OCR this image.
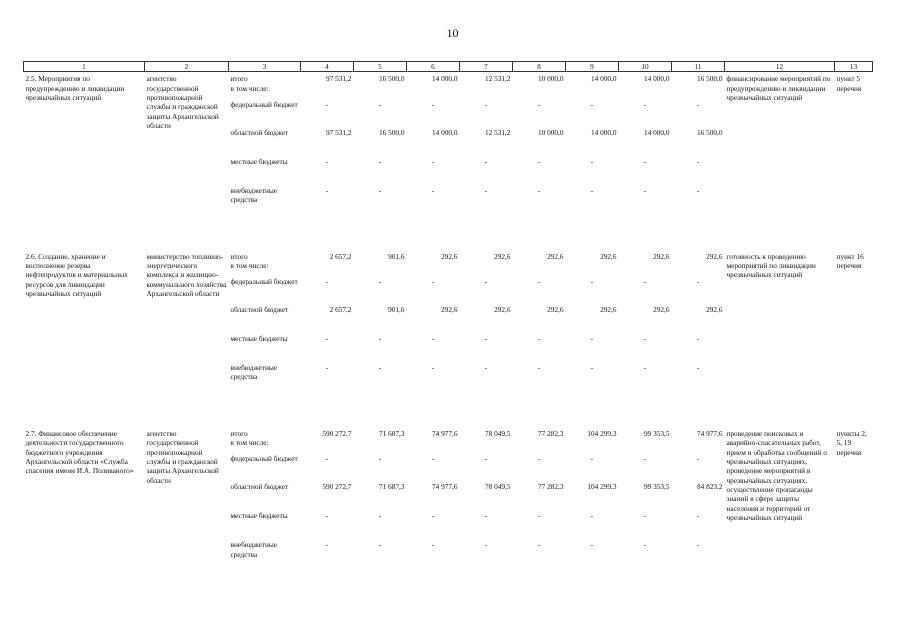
10
1	2	3	4	5	6	7	8	9	10	11	12	13
2.5. Мероприятия по предупреждению и ликвидации чрезвычайных ситуаций	агентство государственной противопожарной службы и гражданской защиты Архангельской области	итого	97 531,2	16 500,0	14 000,0	12 531,2	10 000,0	14 000,0	14 000,0	16 500,0	финансирование мероприятий по предупреждению и ликвидации чрезвычайных ситуаций	пункт 5 перечня
		в том числе:										
		федеральный бюджет	-	-	-	-	-	-	-	-		
		областной бюджет	97 531,2	16 500,0	14 000,0	12 531,2	10 000,0	14 000,0	14 000,0	16 500,0		
		местные бюджеты	-	-	-	-	-	-	-	-		
		внебюджетные средства	-	-	-	-	-	-	-	-		

2.6. Создание, хранение и восполнение резерва нефтепродуктов и материальных ресурсов для ликвидации чрезвычайных ситуаций	министерство топливно-энергетического комплекса и жилищно-коммунального хозяйства Архангельской области	итого	2 657,2	901,6	292,6	292,6	292,6	292,6	292,6	292,6	готовность к проведению мероприятий по ликвидации чрезвычайных ситуаций	пункт 16 перечня
		в том числе:										
		федеральный бюджет	-	-	-	-	-	-	-	-		
		областной бюджет	2 657,2	901,6	292,6	292,6	292,6	292,6	292,6	292,6		
		местные бюджеты	-	-	-	-	-	-	-	-		
		внебюджетные средства	-	-	-	-	-	-	-	-		

2.7. Финансовое обеспечение деятельности государственного бюджетного учреждения Архангельской области «Служба спасения имени И.А. Поливаного»	агентство государственной противопожарной службы и гражданской защиты Архангельской области	итого	590 272,7	71 687,3	74 977,6	78 049,5	77 282,3	104 299,3	99 353,5	74 977,6	проведение поисковых и аварийно-спасательных работ, прием и обработка сообщений о чрезвычайных ситуациях, проведение мероприятий в чрезвычайных ситуациях, осуществление пропаганды знаний в сфере защиты населения и территорий от чрезвычайных ситуаций	пункты 2, 5, 19 перечня
		в том числе:										
		федеральный бюджет	-	-	-	-	-	-	-	-		
		областной бюджет	590 272,7	71 687,3	74 977,6	78 049,5	77 282,3	104 299,3	99 353,5	84 823,2		
		местные бюджеты	-	-	-	-	-	-	-	-		
		внебюджетные средства	-	-	-	-	-	-	-	-		
